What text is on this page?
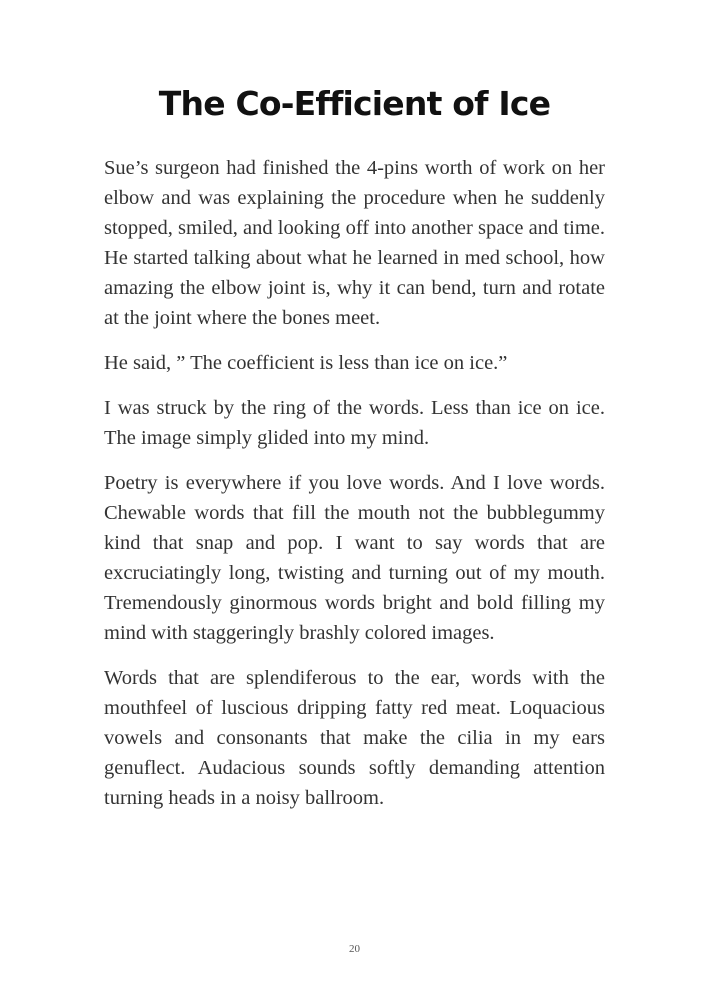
The Co-Efficient of Ice

Sue’s surgeon had finished the 4-pins worth of work on her elbow and was explaining the procedure when he suddenly stopped, smiled, and looking off into another space and time. He started talking about what he learned in med school, how amazing the elbow joint is, why it can bend, turn and rotate at the joint where the bones meet.

He said, ” The coefficient is less than ice on ice.”

I was struck by the ring of the words. Less than ice on ice. The image simply glided into my mind.

Poetry is everywhere if you love words. And I love words. Chewable words that fill the mouth not the bubblegummy kind that snap and pop. I want to say words that are excruciatingly long, twisting and turning out of my mouth. Tremendously ginormous words bright and bold filling my mind with staggeringly brashly colored images.

Words that are splendiferous to the ear, words with the mouthfeel of luscious dripping fatty red meat. Loquacious vowels and consonants that make the cilia in my ears genuflect. Audacious sounds softly demanding attention turning heads in a noisy ballroom.

20
